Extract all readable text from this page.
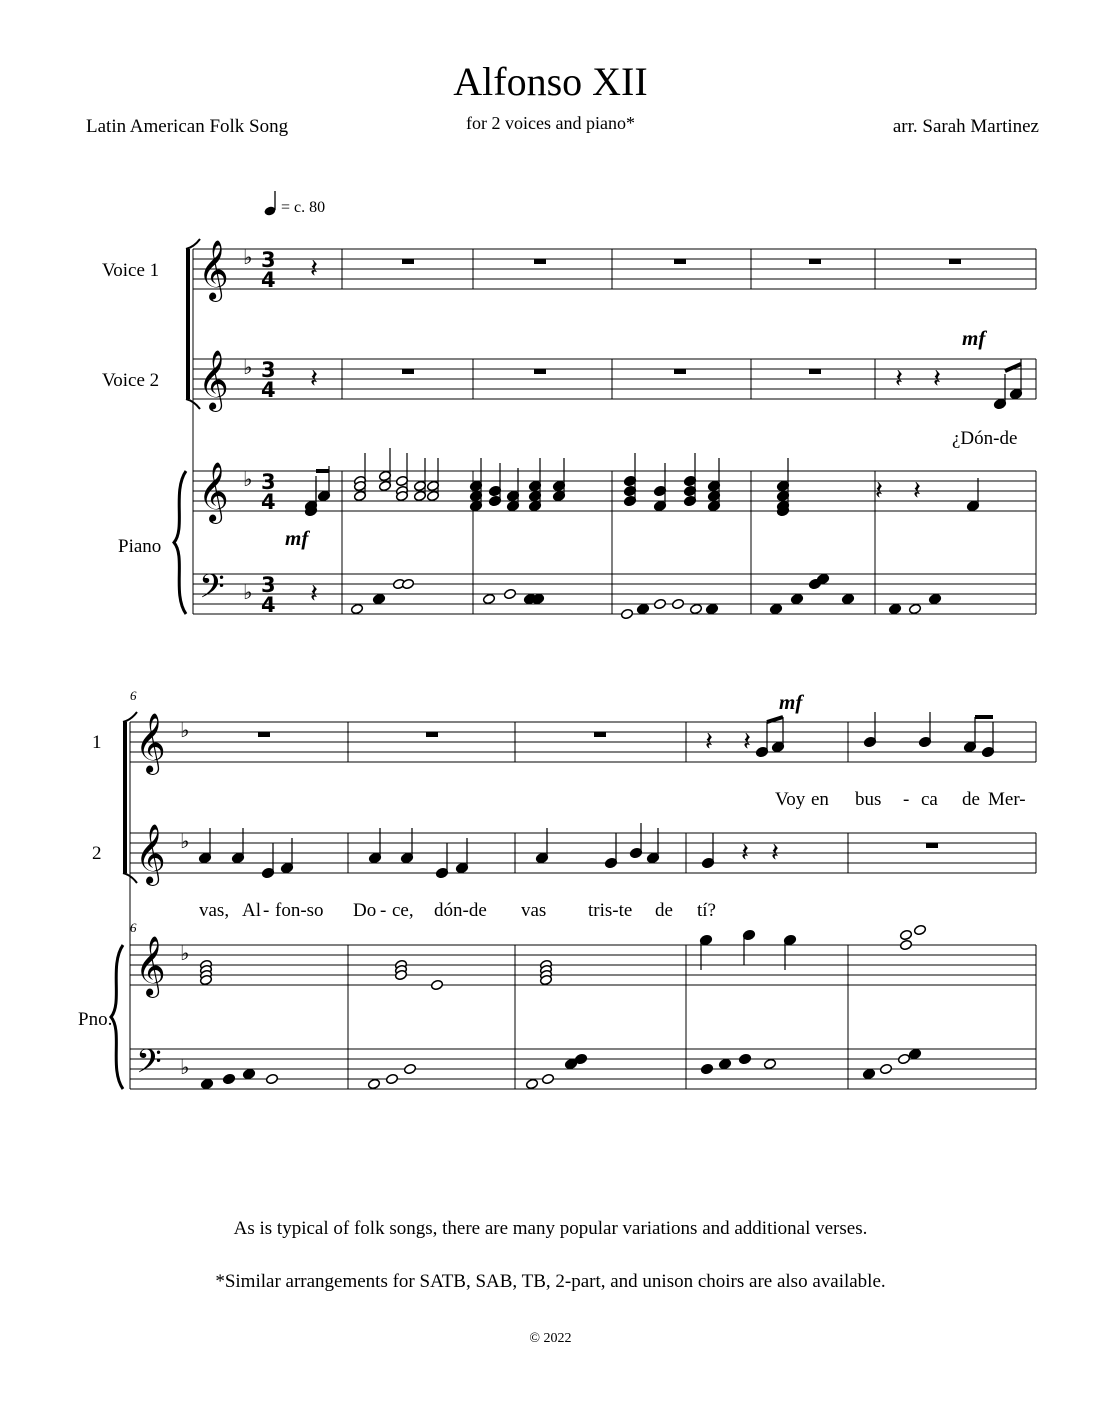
Alfonso XII
for 2 voices and piano*
Latin American Folk Song	arr. Sarah Martinez
= c. 80
Voice 1
Voice 2
Piano
mf
mf
¿Dón-de
6
1
2
6
Pno.
mf
Voy en bus - ca de Mer-
vas, Al - fon-so Do - ce, dón-de vas tris-te de tí?
As is typical of folk songs, there are many popular variations and additional verses.
*Similar arrangements for SATB, SAB, TB, 2-part, and unison choirs are also available.
© 2022
𝄞 ♭ 3
4
𝄞 ♭ 3
4
𝄞 ♭ 3
4
𝄢 ♭ 3
4
𝄽
𝄽
𝄽
𝄽 𝄽
𝄽 𝄽
𝄞 ♭
𝄞 ♭
𝄞 ♭
𝄢 ♭
𝄽 𝄽
𝄽 𝄽
